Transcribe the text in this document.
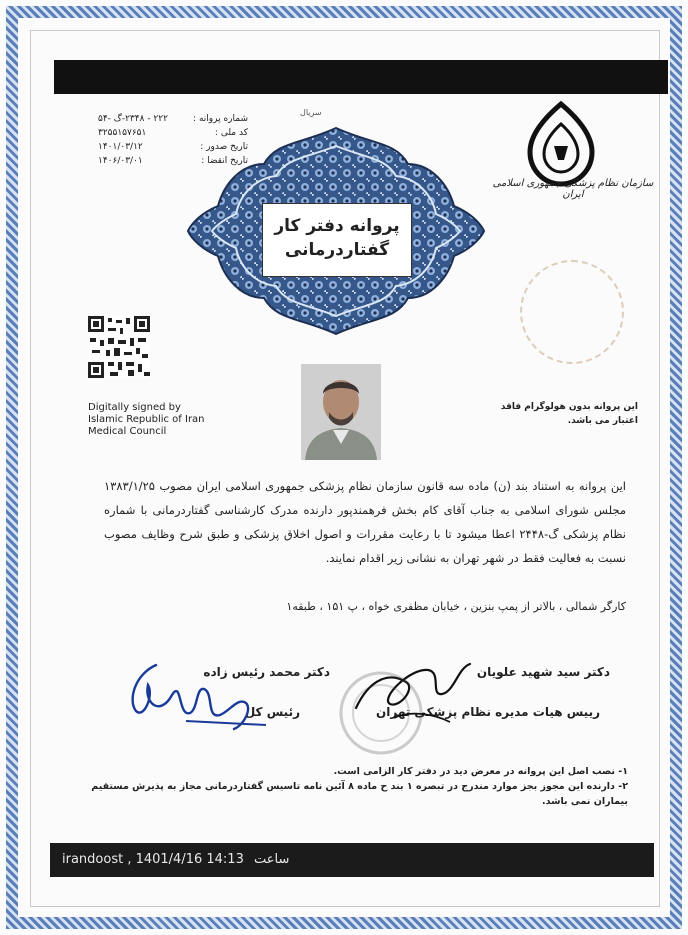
سریال
شماره پروانه :
۲۲۲ - ۲۳۴۸-گ -۵۴
کد ملی :
۳۲۵۵۱۵۷۶۵۱
تاریخ صدور :
۱۴۰۱/۰۳/۱۲
تاریخ انقضا :
۱۴۰۶/۰۳/۰۱
پروانه دفتر کار
گفتاردرمانی
سازمان نظام پزشکی جمهوری اسلامی ایران
Digitally signed by
Islamic Republic of Iran
Medical Council
این پروانه بدون هولوگرام فاقد
اعتبار می باشد.
این پروانه به استناد بند (ن) ماده سه قانون سازمان نظام پزشکی جمهوری اسلامی ایران مصوب ۱۳۸۳/۱/۲۵ مجلس شورای اسلامی به جناب آقای کام بخش فرهمندپور دارنده مدرک کارشناسی گفتاردرمانی با شماره نظام پزشکی گ-۲۴۴۸ اعطا میشود تا با رعایت مقررات و اصول اخلاق پزشکی و طبق شرح وظایف مصوب نسبت به فعالیت فقط در شهر تهران به نشانی زیر اقدام نمایند.
کارگر شمالی ، بالاتر از پمپ بنزین ، خیابان مظفری خواه ، پ ۱۵۱ ، طبقه۱
دکتر محمد رئیس زاده
رئیس کل
دکتر سید شهید علویان
رییس هیات مدیره نظام پزشکی تهران
۱- نصب اصل این پروانه در معرض دید در دفتر کار الزامی است.
۲- دارنده این مجوز بجز موارد مندرج در تبصره ۱ بند ح ماده ۸ آئین نامه تاسیس گفتاردرمانی مجاز به پذیرش مستقیم بیماران نمی باشد.
irandoost , 1401/4/16 14:13 ساعت
